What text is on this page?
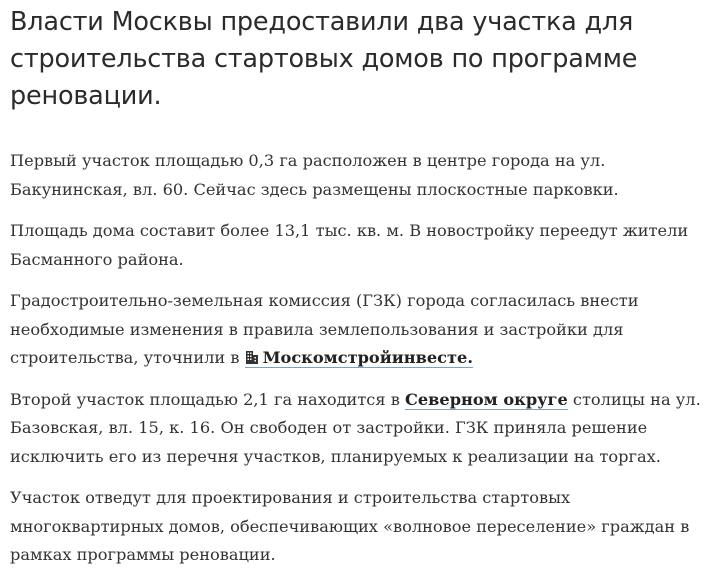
Власти Москвы предоставили два участка для строительства стартовых домов по программе реновации.

Первый участок площадью 0,3 га расположен в центре города на ул. Бакунинская, вл. 60. Сейчас здесь размещены плоскостные парковки.

Площадь дома составит более 13,1 тыс. кв. м. В новостройку переедут жители Басманного района.

Градостроительно-земельная комиссия (ГЗК) города согласилась внести необходимые изменения в правила землепользования и застройки для строительства, уточнили в Москомстройинвесте.

Второй участок площадью 2,1 га находится в Северном округе столицы на ул. Базовская, вл. 15, к. 16. Он свободен от застройки. ГЗК приняла решение исключить его из перечня участков, планируемых к реализации на торгах.

Участок отведут для проектирования и строительства стартовых многоквартирных домов, обеспечивающих «волновое переселение» граждан в рамках программы реновации.
